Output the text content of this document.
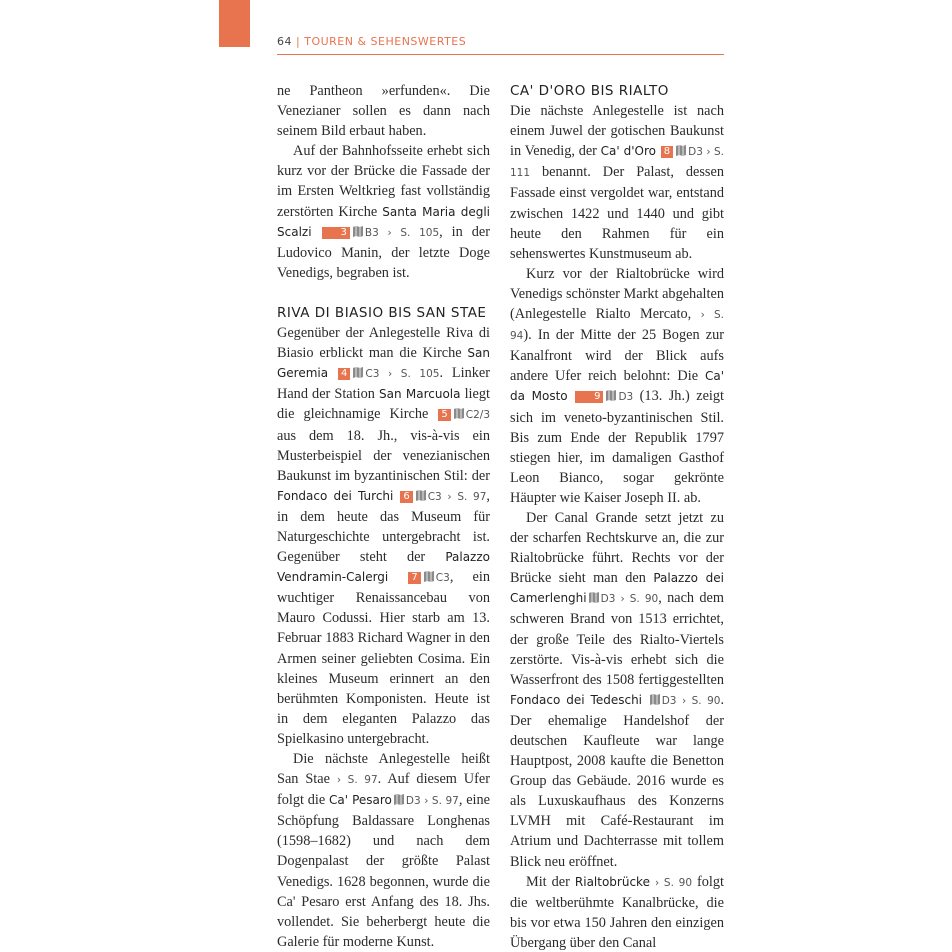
64 | TOUREN & SEHENSWERTES

ne Pantheon »erfunden«. Die Venezianer sollen es dann nach seinem Bild erbaut haben.

Auf der Bahnhofsseite erhebt sich kurz vor der Brücke die Fassade der im Ersten Weltkrieg fast vollständig zerstörten Kirche Santa Maria degli Scalzi	3 B3 › S. 105, in der Ludovico Manin, der letzte Doge Venedigs, begraben ist.

RIVA DI BIASIO BIS SAN STAE

Gegenüber der Anlegestelle Riva di Biasio erblickt man die Kirche San Geremia 4 C3 › S. 105. Linker Hand der Station San Marcuola liegt die gleichnamige Kirche 5 C2/3 aus dem 18. Jh., vis-à-vis ein Musterbeispiel der venezianischen Baukunst im byzantinischen Stil: der Fondaco dei Turchi 6 C3 › S. 97, in dem heute das Museum für Naturgeschichte untergebracht ist. Gegenüber steht der Palazzo Vendramin-Calergi 7 C3, ein wuchtiger Renaissancebau von Mauro Codussi. Hier starb am 13. Februar 1883 Richard Wagner in den Armen seiner geliebten Cosima. Ein kleines Museum erinnert an den berühmten Komponisten. Heute ist in dem eleganten Palazzo das Spielkasino untergebracht.

Die nächste Anlegestelle heißt San Stae › S. 97. Auf diesem Ufer folgt die Ca' Pesaro D3 › S. 97, eine Schöpfung Baldassare Longhenas (1598–1682) und nach dem Dogenpalast der größte Palast Venedigs. 1628 begonnen, wurde die Ca' Pesaro erst Anfang des 18. Jhs. vollendet. Sie beherbergt heute die Galerie für moderne Kunst.

CA' D'ORO BIS RIALTO

Die nächste Anlegestelle ist nach einem Juwel der gotischen Baukunst in Venedig, der Ca' d'Oro 8 D3 › S. 111 benannt. Der Palast, dessen Fassade einst vergoldet war, entstand zwischen 1422 und 1440 und gibt heute den Rahmen für ein sehenswertes Kunstmuseum ab.

Kurz vor der Rialtobrücke wird Venedigs schönster Markt abgehalten (Anlegestelle Rialto Mercato, › S. 94). In der Mitte der 25 Bogen zur Kanalfront wird der Blick aufs andere Ufer reich belohnt: Die Ca' da Mosto	9 D3 (13. Jh.) zeigt sich im veneto-byzantinischen Stil. Bis zum Ende der Republik 1797 stiegen hier, im damaligen Gasthof Leon Bianco, sogar gekrönte Häupter wie Kaiser Joseph II. ab.

Der Canal Grande setzt jetzt zu der scharfen Rechtskurve an, die zur Rialtobrücke führt. Rechts vor der Brücke sieht man den Palazzo dei Camerlenghi D3 › S. 90, nach dem schweren Brand von 1513 errichtet, der große Teile des Rialto-Viertels zerstörte. Vis-à-vis erhebt sich die Wasserfront des 1508 fertiggestellten Fondaco dei Tedeschi D3 › S. 90. Der ehemalige Handelshof der deutschen Kaufleute war lange Hauptpost, 2008 kaufte die Benetton Group das Gebäude. 2016 wurde es als Luxuskaufhaus des Konzerns LVMH mit Café-Restaurant im Atrium und Dachterrasse mit tollem Blick neu eröffnet.

Mit der Rialtobrücke › S. 90 folgt die weltberühmte Kanalbrücke, die bis vor etwa 150 Jahren den einzigen Übergang über den Canal
